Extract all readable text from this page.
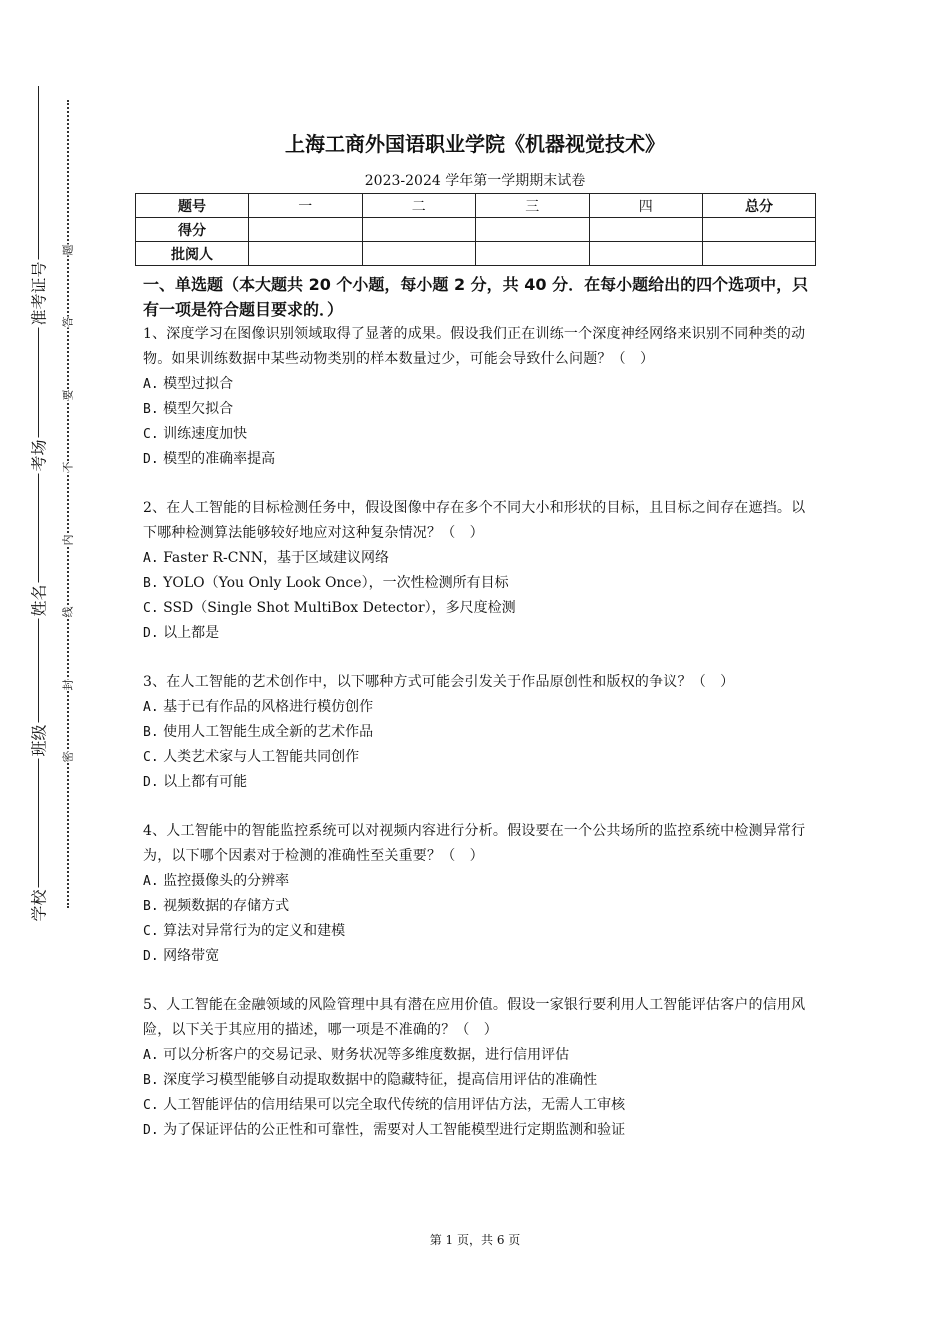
准考证号
考场
姓名
班级
学校
题
答
要
不
内
线
封
密
上海工商外国语职业学院《机器视觉技术》
2023-2024 学年第一学期期末试卷
题号	一	二	三	四	总分
得分					
批阅人					
一、单选题（本大题共 20 个小题，每小题 2 分，共 40 分．在每小题给出的四个选项中，只有一项是符合题目要求的．）
1、深度学习在图像识别领域取得了显著的成果。假设我们正在训练一个深度神经网络来识别不同种类的动物。如果训练数据中某些动物类别的样本数量过少，可能会导致什么问题？（　）
A. 模型过拟合
B. 模型欠拟合
C. 训练速度加快
D. 模型的准确率提高
2、在人工智能的目标检测任务中，假设图像中存在多个不同大小和形状的目标，且目标之间存在遮挡。以下哪种检测算法能够较好地应对这种复杂情况？（　）
A. Faster R-CNN，基于区域建议网络
B. YOLO（You Only Look Once），一次性检测所有目标
C. SSD（Single Shot MultiBox Detector），多尺度检测
D. 以上都是
3、在人工智能的艺术创作中，以下哪种方式可能会引发关于作品原创性和版权的争议？（　）
A. 基于已有作品的风格进行模仿创作
B. 使用人工智能生成全新的艺术作品
C. 人类艺术家与人工智能共同创作
D. 以上都有可能
4、人工智能中的智能监控系统可以对视频内容进行分析。假设要在一个公共场所的监控系统中检测异常行为，以下哪个因素对于检测的准确性至关重要？（　）
A. 监控摄像头的分辨率
B. 视频数据的存储方式
C. 算法对异常行为的定义和建模
D. 网络带宽
5、人工智能在金融领域的风险管理中具有潜在应用价值。假设一家银行要利用人工智能评估客户的信用风险，以下关于其应用的描述，哪一项是不准确的？（　）
A. 可以分析客户的交易记录、财务状况等多维度数据，进行信用评估
B. 深度学习模型能够自动提取数据中的隐藏特征，提高信用评估的准确性
C. 人工智能评估的信用结果可以完全取代传统的信用评估方法，无需人工审核
D. 为了保证评估的公正性和可靠性，需要对人工智能模型进行定期监测和验证
第 1 页，共 6 页
